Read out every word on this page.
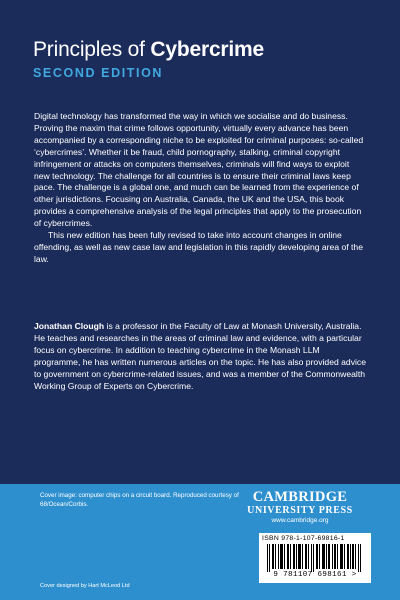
Principles of Cybercrime
SECOND EDITION

Digital technology has transformed the way in which we socialise and do business. Proving the maxim that crime follows opportunity, virtually every advance has been accompanied by a corresponding niche to be exploited for criminal purposes: so-called ‘cybercrimes’. Whether it be fraud, child pornography, stalking, criminal copyright infringement or attacks on computers themselves, criminals will find ways to exploit new technology. The challenge for all countries is to ensure their criminal laws keep pace. The challenge is a global one, and much can be learned from the experience of other jurisdictions. Focusing on Australia, Canada, the UK and the USA, this book provides a comprehensive analysis of the legal principles that apply to the prosecution of cybercrimes.

This new edition has been fully revised to take into account changes in online offending, as well as new case law and legislation in this rapidly developing area of the law.

Jonathan Clough is a professor in the Faculty of Law at Monash University, Australia. He teaches and researches in the areas of criminal law and evidence, with a particular focus on cybercrime. In addition to teaching cybercrime in the Monash LLM programme, he has written numerous articles on the topic. He has also provided advice to government on cybercrime-related issues, and was a member of the Commonwealth Working Group of Experts on Cybercrime.

Cover image: computer chips on a circuit board. Reproduced courtesy of 68/Ocean/Corbis.
Cover designed by Hart McLeod Ltd
CAMBRIDGE
UNIVERSITY PRESS
www.cambridge.org
ISBN 978-1-107-69816-1
9 781107 698161 >
